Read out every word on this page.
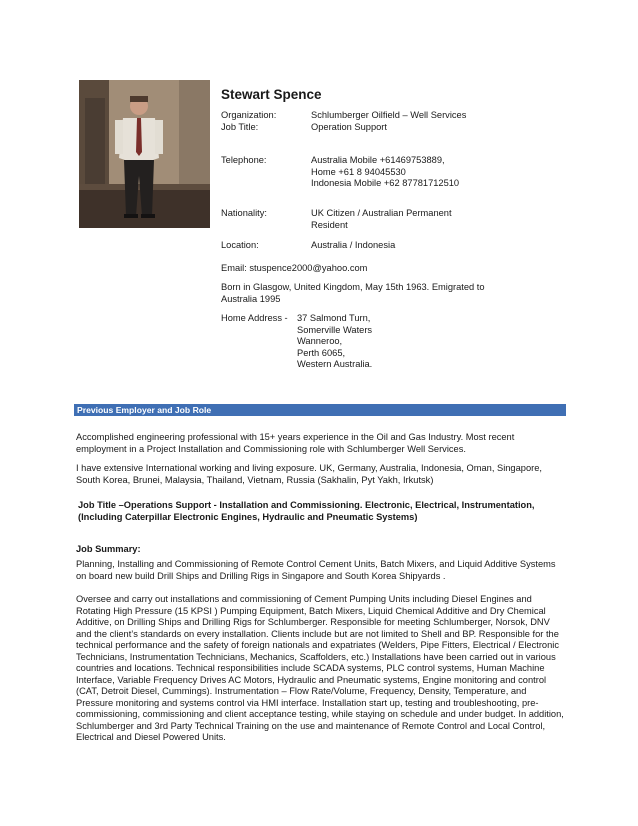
Stewart Spence
Organization:	Schlumberger Oilfield – Well Services
Job Title:	Operation Support
Telephone:	Australia Mobile +61469753889,
Home +61 8 94045530
Indonesia Mobile +62 87781712510
Nationality:	UK Citizen / Australian Permanent
Resident
Location:	Australia / Indonesia
Email: stuspence2000@yahoo.com
Born in Glasgow, United Kingdom, May 15th 1963. Emigrated to Australia 1995
Home Address - 37 Salmond Turn,
Somerville Waters
Wanneroo,
Perth 6065,
Western Australia.
Previous Employer and Job Role
Accomplished engineering professional with 15+ years experience in the Oil and Gas Industry. Most recent employment in a Project Installation and Commissioning role with Schlumberger Well Services.
I have extensive International working and living exposure. UK, Germany, Australia, Indonesia, Oman, Singapore, South Korea, Brunei, Malaysia, Thailand, Vietnam, Russia (Sakhalin, Pyt Yakh, Irkutsk)
Job Title –Operations Support - Installation and Commissioning. Electronic, Electrical, Instrumentation, (Including Caterpillar Electronic Engines, Hydraulic and Pneumatic Systems)
Job Summary:
Planning, Installing and Commissioning of Remote Control Cement Units, Batch Mixers, and Liquid Additive Systems on board new build Drill Ships and Drilling Rigs in Singapore and South Korea Shipyards .
Oversee and carry out installations and commissioning of Cement Pumping Units including Diesel Engines and Rotating High Pressure (15 KPSI ) Pumping Equipment, Batch Mixers, Liquid Chemical Additive and Dry Chemical Additive, on Drilling Ships and Drilling Rigs for Schlumberger. Responsible for meeting Schlumberger, Norsok, DNV and the client’s standards on every installation. Clients include but are not limited to Shell and BP. Responsible for the technical performance and the safety of foreign nationals and expatriates (Welders, Pipe Fitters, Electrical / Electronic Technicians, Instrumentation Technicians, Mechanics, Scaffolders, etc.) Installations have been carried out in various countries and locations. Technical responsibilities include SCADA systems, PLC control systems, Human Machine Interface, Variable Frequency Drives AC Motors, Hydraulic and Pneumatic systems, Engine monitoring and control (CAT, Detroit Diesel, Cummings). Instrumentation – Flow Rate/Volume, Frequency, Density, Temperature, and Pressure monitoring and systems control via HMI interface. Installation start up, testing and troubleshooting, pre-commissioning, commissioning and client acceptance testing, while staying on schedule and under budget. In addition, Schlumberger and 3rd Party Technical Training on the use and maintenance of Remote Control and Local Control, Electrical and Diesel Powered Units.
